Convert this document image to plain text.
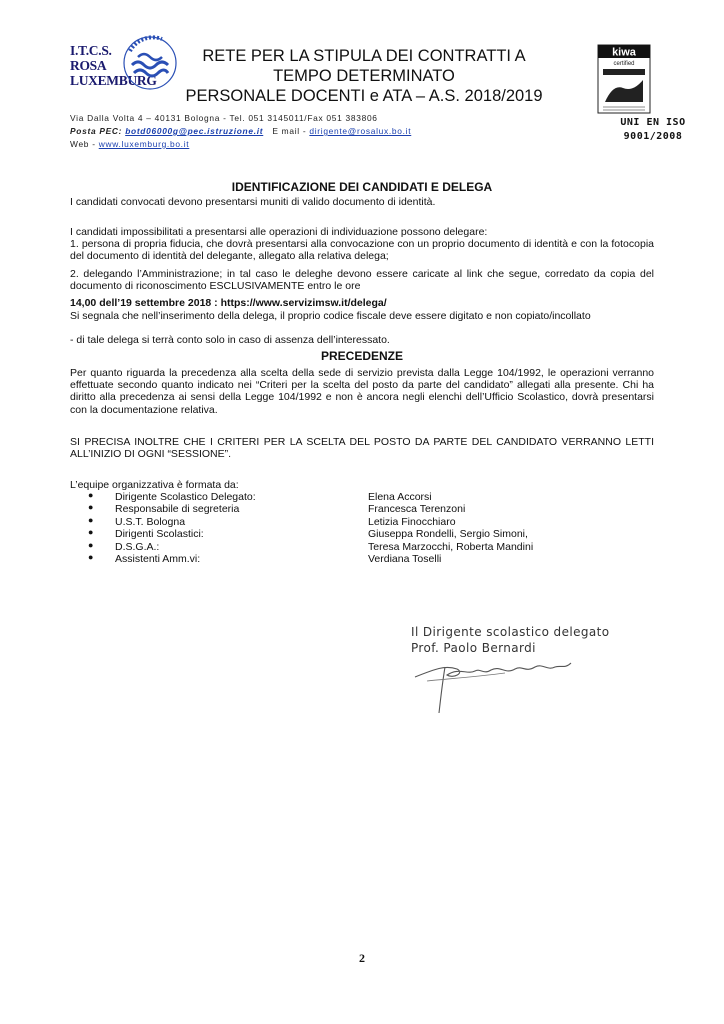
I.T.C.S.
ROSA
LUXEMBURG
RETE PER LA STIPULA DEI CONTRATTI A
TEMPO DETERMINATO
PERSONALE DOCENTI e ATA – A.S. 2018/2019
kiwa
certified
UNI EN ISO
9001/2008
Via Dalla Volta 4 – 40131 Bologna - Tel. 051 3145011/Fax 051 383806
Posta PEC: botd06000g@pec.istruzione.it E mail - dirigente@rosalux.bo.it
Web - www.luxemburg.bo.it
IDENTIFICAZIONE DEI CANDIDATI E DELEGA
I candidati convocati devono presentarsi muniti di valido documento di identità.
I candidati impossibilitati a presentarsi alle operazioni di individuazione possono delegare:
1. persona di propria fiducia, che dovrà presentarsi alla convocazione con un proprio documento di identità e con la fotocopia del documento di identità del delegante, allegato alla relativa delega;
2. delegando l’Amministrazione; in tal caso le deleghe devono essere caricate al link che segue, corredato da copia del documento di riconoscimento ESCLUSIVAMENTE entro le ore
14,00 dell’19 settembre 2018 : https://www.servizimsw.it/delega/
Si segnala che nell’inserimento della delega, il proprio codice fiscale deve essere digitato e non copiato/incollato
- di tale delega si terrà conto solo in caso di assenza dell’interessato.
PRECEDENZE
Per quanto riguarda la precedenza alla scelta della sede di servizio prevista dalla Legge 104/1992, le operazioni verranno effettuate secondo quanto indicato nei “Criteri per la scelta del posto da parte del candidato” allegati alla presente. Chi ha diritto alla precedenza ai sensi della Legge 104/1992 e non è ancora negli elenchi dell’Ufficio Scolastico, dovrà presentarsi con la documentazione relativa.
SI PRECISA INOLTRE CHE I CRITERI PER LA SCELTA DEL POSTO DA PARTE DEL CANDIDATO VERRANNO LETTI ALL’INIZIO DI OGNI “SESSIONE”.
L’equipe organizzativa è formata da:
● Dirigente Scolastico Delegato:	Elena Accorsi
● Responsabile di segreteria	Francesca Terenzoni
● U.S.T. Bologna	Letizia Finocchiaro
● Dirigenti Scolastici:	Giuseppa Rondelli, Sergio Simoni,
● D.S.G.A.:	Teresa Marzocchi, Roberta Mandini
● Assistenti Amm.vi:	Verdiana Toselli
Il Dirigente scolastico delegato
Prof. Paolo Bernardi
2
